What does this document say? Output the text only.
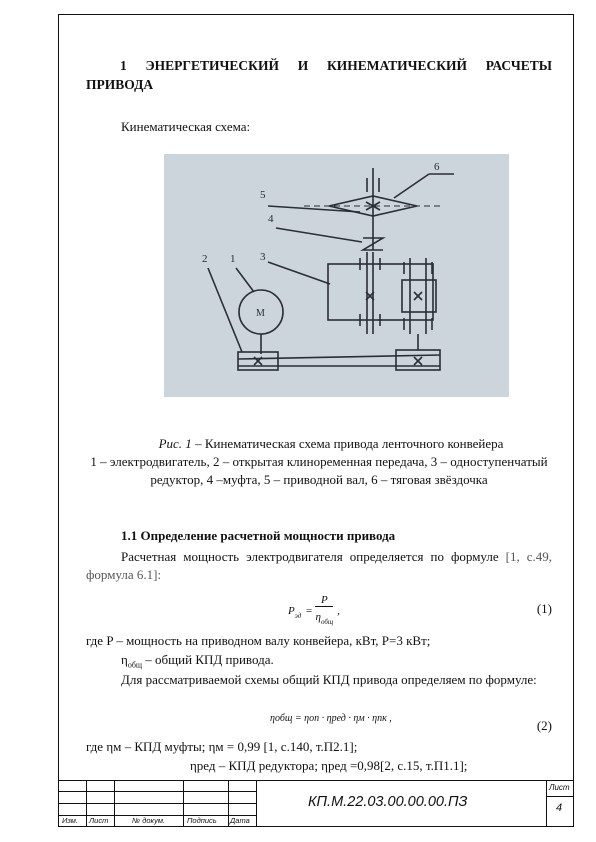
1 ЭНЕРГЕТИЧЕСКИЙ И КИНЕМАТИЧЕСКИЙ РАСЧЕТЫ ПРИВОДА
Кинематическая схема:
6
5
4
3
1
2
M
Рис. 1 – Кинематическая схема привода ленточного конвейера
1 – электродвигатель, 2 – открытая клиноременная передача, 3 – одноступенчатый редуктор, 4 –муфта, 5 – приводной вал, 6 – тяговая звёздочка
1.1 Определение расчетной мощности привода
Расчетная мощность электродвигателя определяется по формуле [1, с.49, формула 6.1]:
$P_{эд}$ =
P
$\eta_{общ}$
,	(1)
где P – мощность на приводном валу конвейера, кВт, P=3 кВт;
$\eta_{общ}$ – общий КПД привода.
Для рассматриваемой схемы общий КПД привода определяем по формуле:
ηобщ = ηоп · ηред · ηм · ηпк ,	(2)
где ηм – КПД муфты; ηм = 0,99 [1, с.140, т.П2.1];
ηред – КПД редуктора; ηред =0,98[2, с.15, т.П1.1];
Изм. Лист	№ докум.	Подпись Дата
КП.М.22.03.00.00.00.ПЗ
Лист
4
